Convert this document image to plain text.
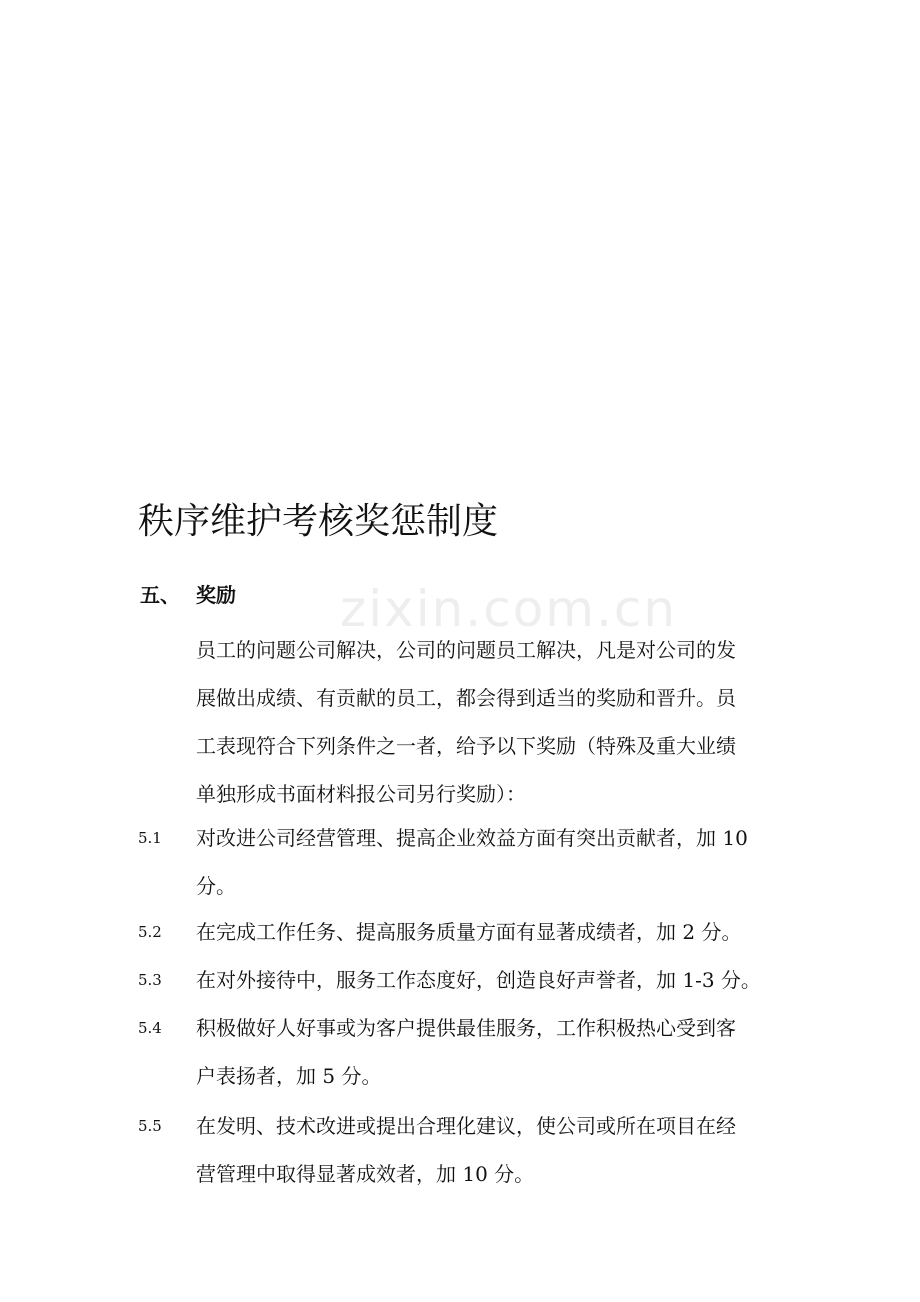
zixin.com.cn
秩序维护考核奖惩制度
五、 奖励
员工的问题公司解决，公司的问题员工解决，凡是对公司的发
展做出成绩、有贡献的员工，都会得到适当的奖励和晋升。员
工表现符合下列条件之一者，给予以下奖励（特殊及重大业绩
单独形成书面材料报公司另行奖励）：
5.1 对改进公司经营管理、提高企业效益方面有突出贡献者，加 10
分。
5.2 在完成工作任务、提高服务质量方面有显著成绩者，加 2 分。
5.3 在对外接待中，服务工作态度好，创造良好声誉者，加 1-3 分。
5.4 积极做好人好事或为客户提供最佳服务，工作积极热心受到客
户表扬者，加 5 分。
5.5 在发明、技术改进或提出合理化建议，使公司或所在项目在经
营管理中取得显著成效者，加 10 分。
